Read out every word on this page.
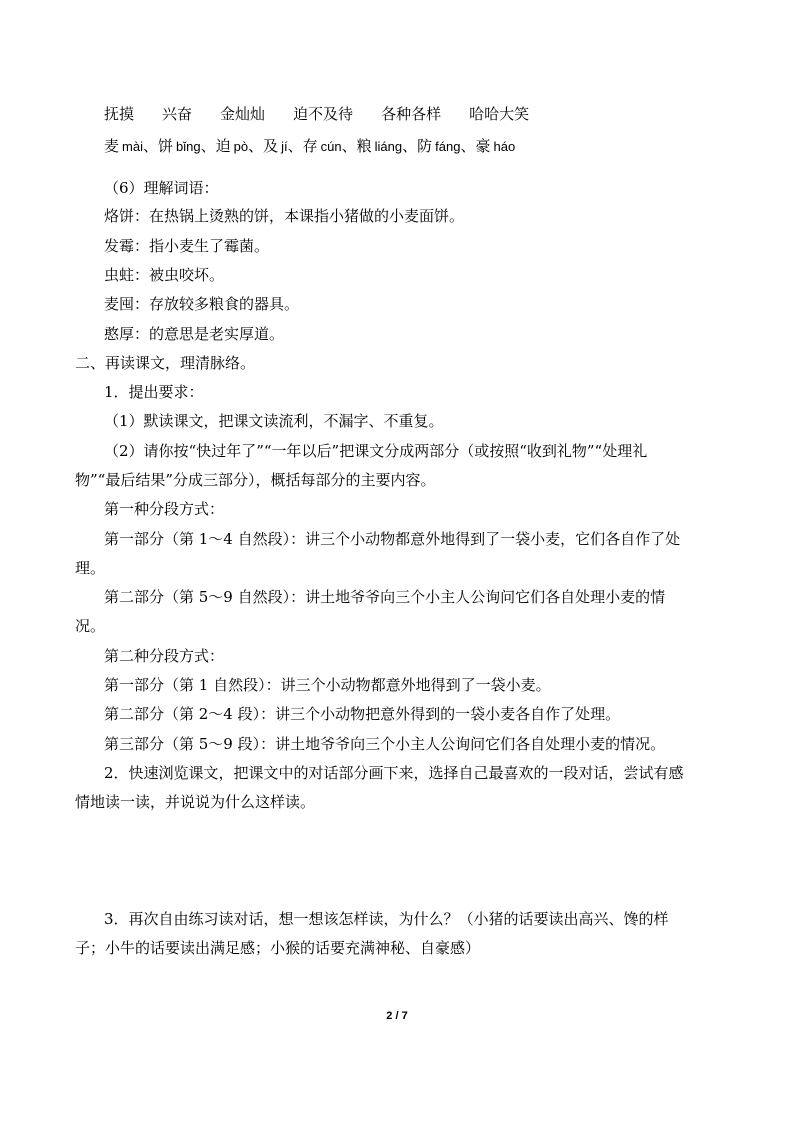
抚摸 兴奋 金灿灿 迫不及待 各种各样 哈哈大笑
麦 mài、饼 bǐng、迫 pò、及 jí、存 cún、粮 liáng、防 fáng、豪 háo
（6）理解词语：
烙饼：在热锅上烫熟的饼，本课指小猪做的小麦面饼。
发霉：指小麦生了霉菌。
虫蛀：被虫咬坏。
麦囤：存放较多粮食的器具。
憨厚：的意思是老实厚道。
二、再读课文，理清脉络。
1．提出要求：
（1）默读课文，把课文读流利，不漏字、不重复。
（2）请你按“快过年了”“一年以后”把课文分成两部分（或按照“收到礼物”“处理礼
物”“最后结果”分成三部分），概括每部分的主要内容。
第一种分段方式：
第一部分（第 1～4 自然段）：讲三个小动物都意外地得到了一袋小麦，它们各自作了处
理。
第二部分（第 5～9 自然段）：讲土地爷爷向三个小主人公询问它们各自处理小麦的情
况。
第二种分段方式：
第一部分（第 1 自然段）：讲三个小动物都意外地得到了一袋小麦。
第二部分（第 2～4 段）：讲三个小动物把意外得到的一袋小麦各自作了处理。
第三部分（第 5～9 段）：讲土地爷爷向三个小主人公询问它们各自处理小麦的情况。
2．快速浏览课文，把课文中的对话部分画下来，选择自己最喜欢的一段对话，尝试有感
情地读一读，并说说为什么这样读。
3．再次自由练习读对话，想一想该怎样读，为什么？（小猪的话要读出高兴、馋的样
子；小牛的话要读出满足感；小猴的话要充满神秘、自豪感）
2 / 7
